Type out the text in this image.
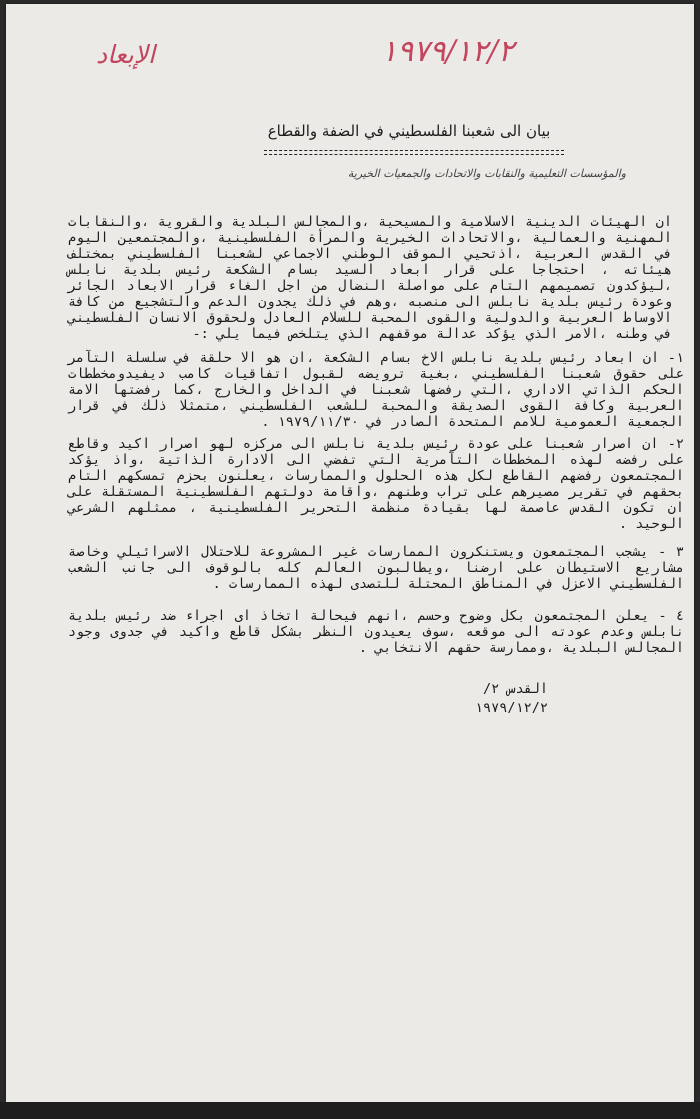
الإبعاد	١٩٧٩/١٢/٢
بيان الى شعبنا الفلسطيني في الضفة والقطاع
والمؤسسات التعليمية والنقابات والاتحادات والجمعيات الخيرية
ان الهيئات الدينية الاسلامية والمسيحية ،والمجالس البلدية والقروية ،والنقابات المهنية والعمالية ،والاتحادات الخيرية والمرأة الفلسطينية ،والمجتمعين اليوم في القدس العربية ،اذتحيي الموقف الوطني الاجماعي لشعبنا الفلسطيني بمختلف هيئاته ، احتجاجا على قرار ابعاد السيد بسام الشكعة رئيس بلدية نابلس ،ليؤكدون تصميمهم التام على مواصلة النضال من اجل الغاء قرار الابعاد الجائر وعودة رئيس بلدية نابلس الى منصبه ،وهم في ذلك يجدون الدعم والتشجيع من كافة الاوساط العربية والدولية والقوى المحبة للسلام العادل ولحقوق الانسان الفلسطيني في وطنه ،الامر الذي يؤكد عدالة موقفهم الذي يتلخص فيما يلي :-
١- ان ابعاد رئيس بلدية نابلس الاخ بسام الشكعة ،ان هو الا حلقة في سلسلة التآمر على حقوق شعبنا الفلسطيني ،بغية ترويضه لقبول اتفاقيات كامب ديفيدومخططات الحكم الذاتي الاداري ،التي رفضها شعبنا في الداخل والخارج ،كما رفضتها الامة العربية وكافة القوى الصديقة والمحبة للشعب الفلسطيني ،متمثلا ذلك في قرار الجمعية العمومية للامم المتحدة الصادر في ١٩٧٩/١١/٣٠ .
٢- ان اصرار شعبنا على عودة رئيس بلدية نابلس الى مركزه لهو اصرار اكيد وقاطع على رفضه لهذه المخططات التآمرية التي تفضي الى الادارة الذاتية ،واذ يؤكد المجتمعون رفضهم القاطع لكل هذه الحلول والممارسات ،يعلنون بحزم تمسكهم التام بحقهم في تقرير مصيرهم على تراب وطنهم ،واقامة دولتهم الفلسطينية المستقلة على ان تكون القدس عاصمة لها بقيادة منظمة التحرير الفلسطينية ، ممثلهم الشرعي الوحيد .
٣ - يشجب المجتمعون ويستنكرون الممارسات غير المشروعة للاحتلال الاسرائيلي وخاصة مشاريع الاستيطان على ارضنا ،ويطالبون العالم كله بالوقوف الى جانب الشعب الفلسطيني الاعزل في المناطق المحتلة للتصدى لهذه الممارسات .
٤ - يعلن المجتمعون بكل وضوح وحسم ،انهم فيحالة اتخاذ اى اجراء ضد رئيس بلدية نابلس وعدم عودته الى موقعه ،سوف يعيدون النظر بشكل قاطع واكيد في جدوى وجود المجالس البلدية ،وممارسة حقهم الانتخابي .
القدس ٢/
١٩٧٩/١٢/٢
